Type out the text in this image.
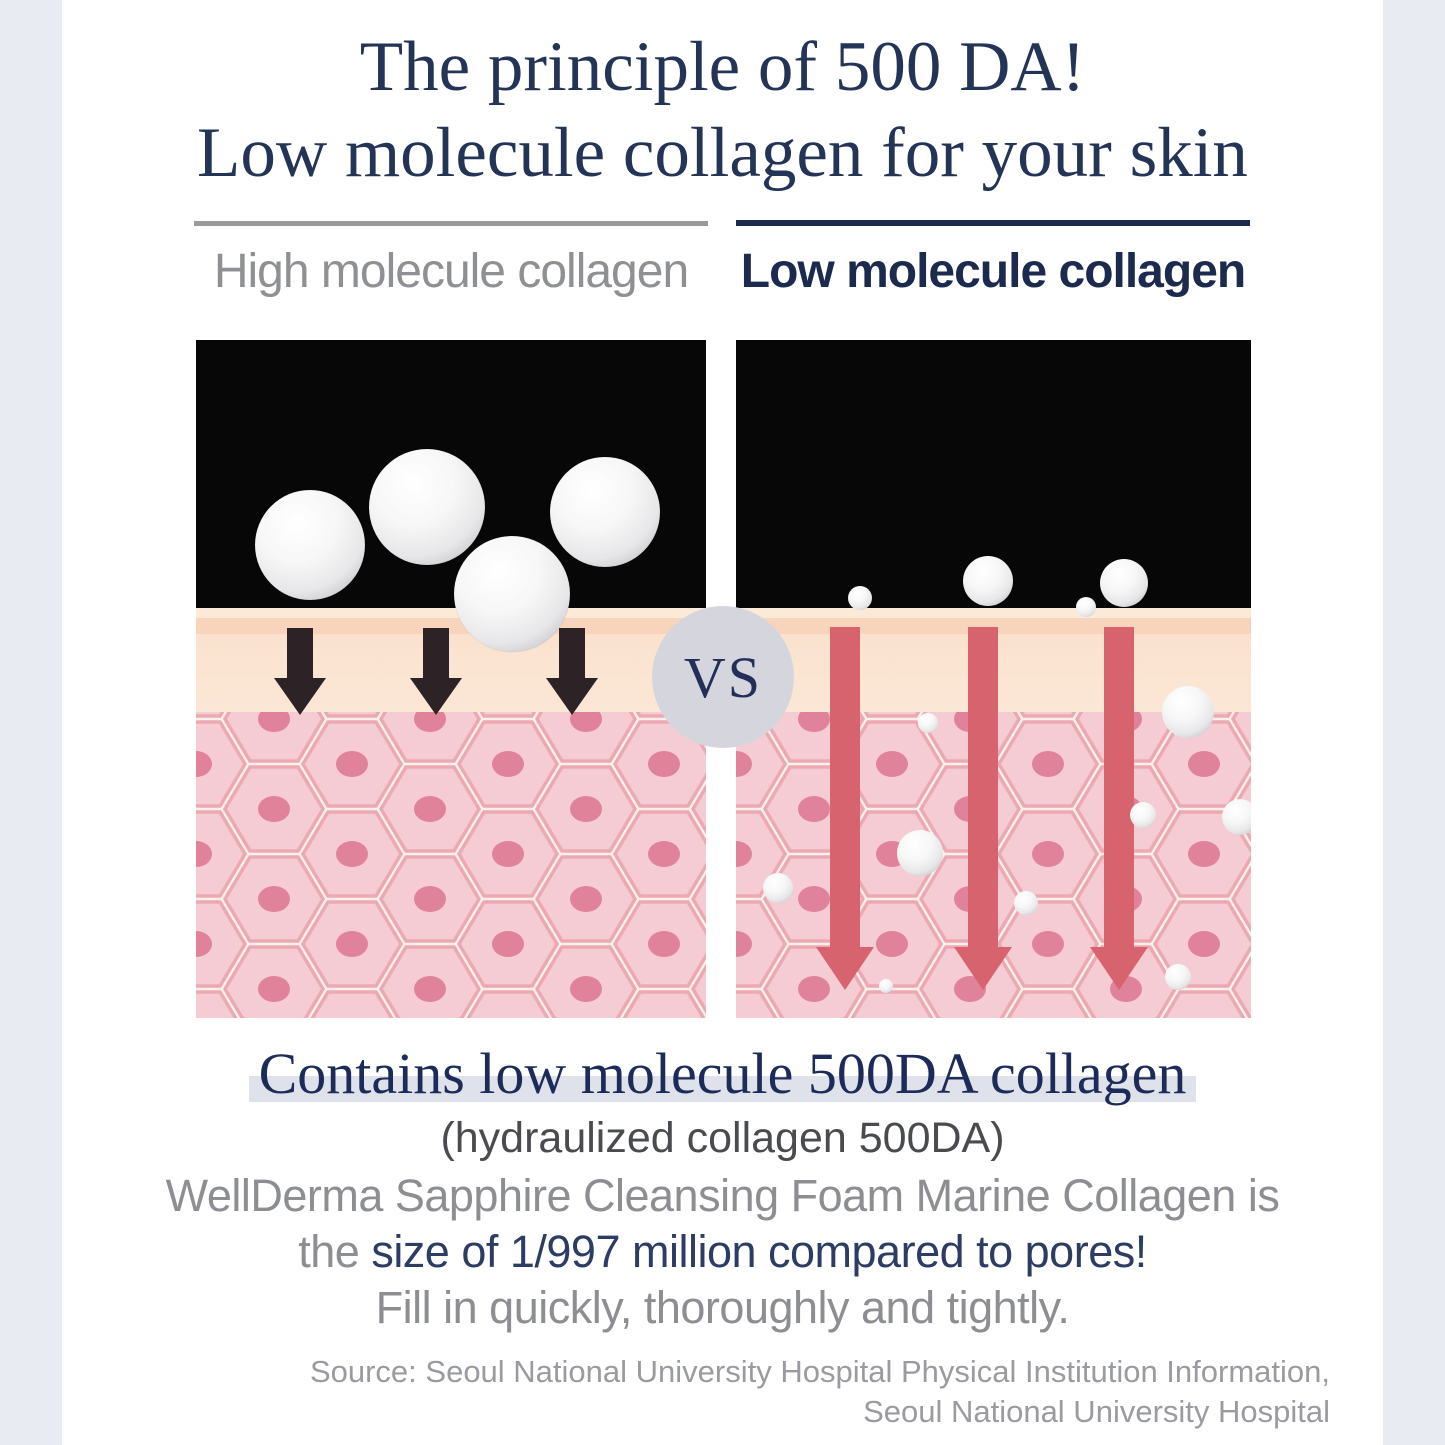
The principle of 500 DA!
Low molecule collagen for your skin
High molecule collagen	Low molecule collagen
VS
Contains low molecule 500DA collagen
(hydraulized collagen 500DA)
WellDerma Sapphire Cleansing Foam Marine Collagen is
the size of 1/997 million compared to pores!
Fill in quickly, thoroughly and tightly.
Source: Seoul National University Hospital Physical Institution Information,
Seoul National University Hospital
